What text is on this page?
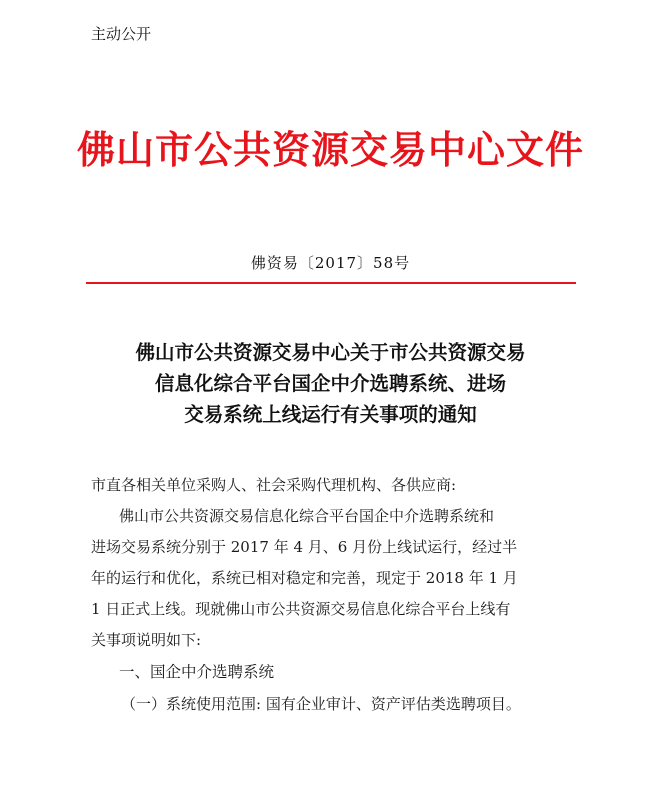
主动公开
佛山市公共资源交易中心文件
佛资易〔2017〕58号
佛山市公共资源交易中心关于市公共资源交易
信息化综合平台国企中介选聘系统、进场
交易系统上线运行有关事项的通知
市直各相关单位采购人、社会采购代理机构、各供应商:
佛山市公共资源交易信息化综合平台国企中介选聘系统和
进场交易系统分别于 2017 年 4 月、6 月份上线试运行，经过半
年的运行和优化，系统已相对稳定和完善，现定于 2018 年 1 月
1 日正式上线。现就佛山市公共资源交易信息化综合平台上线有
关事项说明如下:
一、国企中介选聘系统
（一）系统使用范围: 国有企业审计、资产评估类选聘项目。
